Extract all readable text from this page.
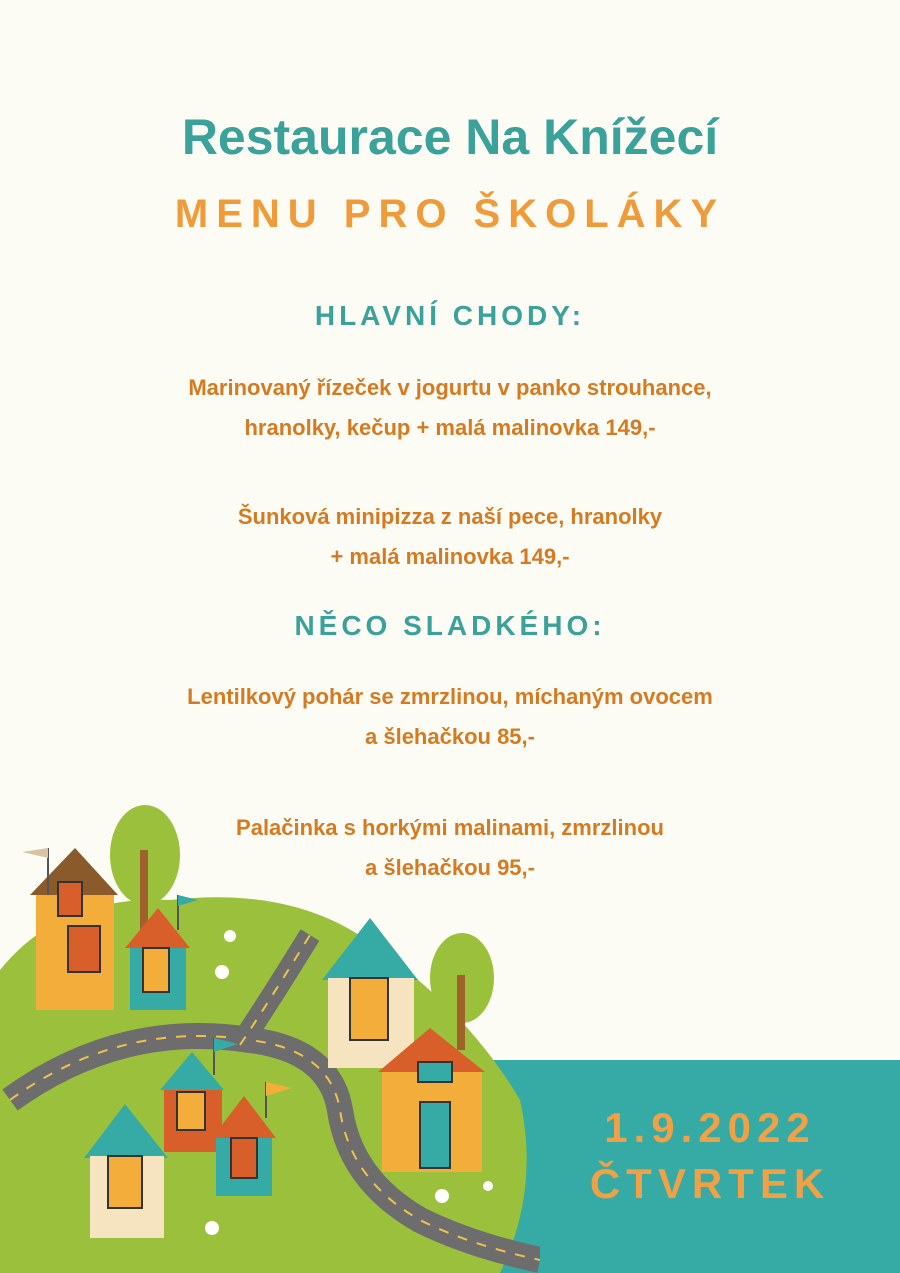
Restaurace Na Knížecí
MENU PRO ŠKOLÁKY
HLAVNÍ CHODY:
Marinovaný řízeček v jogurtu v panko strouhance,
hranolky, kečup + malá malinovka 149,-
Šunková minipizza z naší pece, hranolky
+ malá malinovka 149,-
NĚCO SLADKÉHO:
Lentilkový pohár se zmrzlinou, míchaným ovocem
a šlehačkou 85,-
Palačinka s horkými malinami, zmrzlinou
a šlehačkou 95,-
1.9.2022
ČTVRTEK
